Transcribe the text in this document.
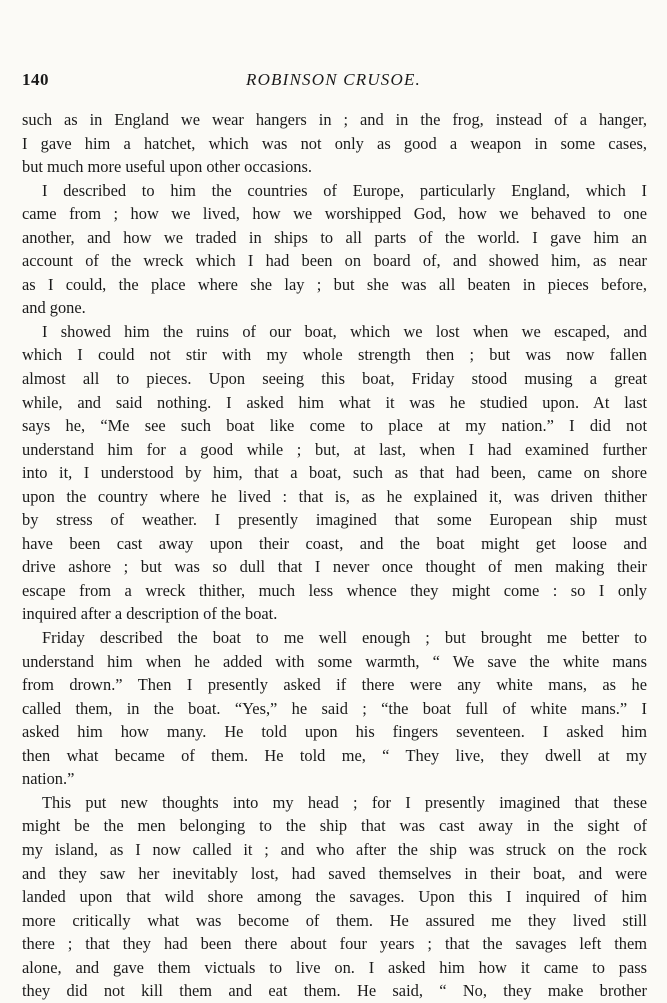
140	ROBINSON CRUSOE.
such as in England we wear hangers in ; and in the frog, instead of a hanger,
I gave him a hatchet, which was not only as good a weapon in some cases,
but much more useful upon other occasions.
I described to him the countries of Europe, particularly England, which I
came from ; how we lived, how we worshipped God, how we behaved to one
another, and how we traded in ships to all parts of the world. I gave him an
account of the wreck which I had been on board of, and showed him, as near
as I could, the place where she lay ; but she was all beaten in pieces before,
and gone.
I showed him the ruins of our boat, which we lost when we escaped, and
which I could not stir with my whole strength then ; but was now fallen
almost all to pieces. Upon seeing this boat, Friday stood musing a great
while, and said nothing. I asked him what it was he studied upon. At last
says he, “Me see such boat like come to place at my nation.” I did not
understand him for a good while ; but, at last, when I had examined further
into it, I understood by him, that a boat, such as that had been, came on shore
upon the country where he lived : that is, as he explained it, was driven thither
by stress of weather. I presently imagined that some European ship must
have been cast away upon their coast, and the boat might get loose and
drive ashore ; but was so dull that I never once thought of men making their
escape from a wreck thither, much less whence they might come : so I only
inquired after a description of the boat.
Friday described the boat to me well enough ; but brought me better to
understand him when he added with some warmth, “ We save the white mans
from drown.” Then I presently asked if there were any white mans, as he
called them, in the boat. “Yes,” he said ; “the boat full of white mans.” I
asked him how many. He told upon his fingers seventeen. I asked him
then what became of them. He told me, “ They live, they dwell at my
nation.”
This put new thoughts into my head ; for I presently imagined that these
might be the men belonging to the ship that was cast away in the sight of
my island, as I now called it ; and who after the ship was struck on the rock
and they saw her inevitably lost, had saved themselves in their boat, and were
landed upon that wild shore among the savages. Upon this I inquired of him
more critically what was become of them. He assured me they lived still
there ; that they had been there about four years ; that the savages left them
alone, and gave them victuals to live on. I asked him how it came to pass
they did not kill them and eat them. He said, “ No, they make brother
